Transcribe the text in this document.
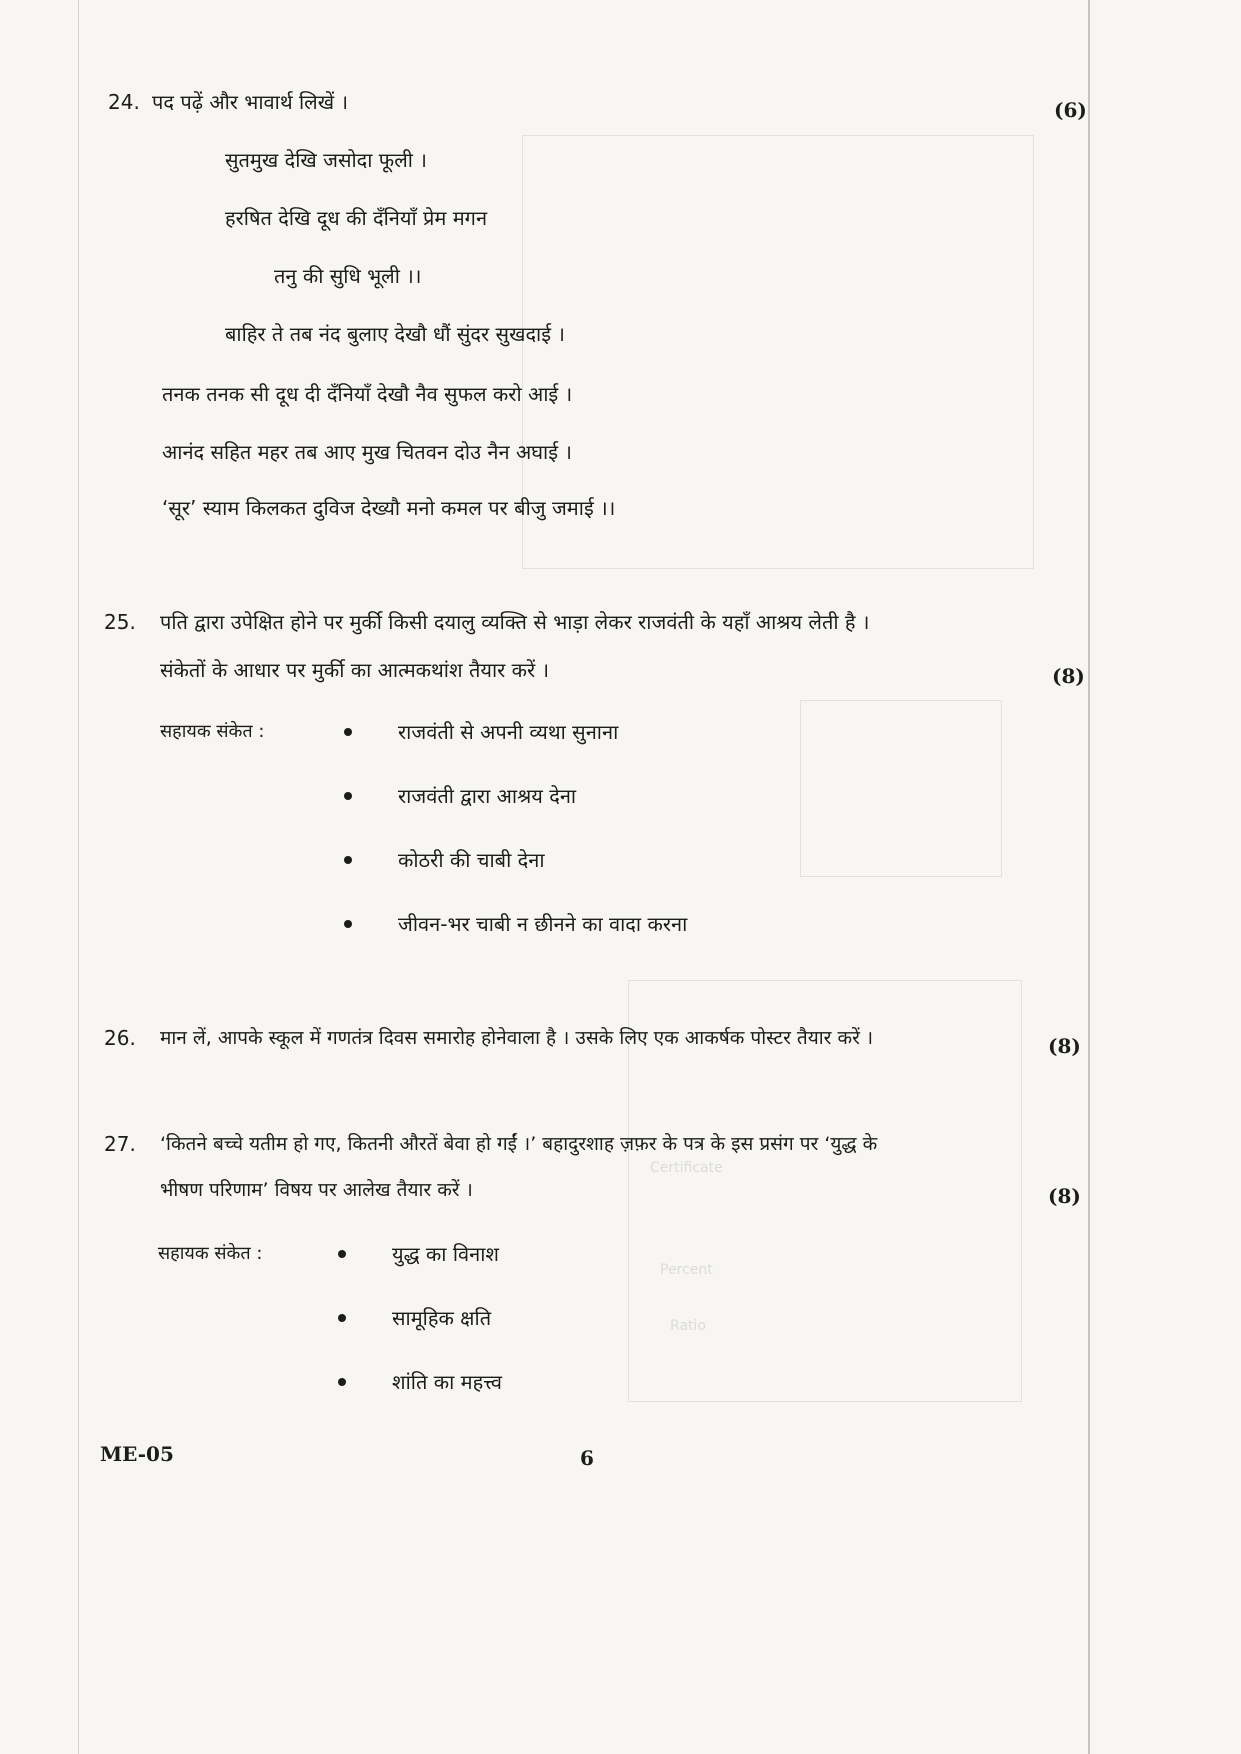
Certificate
Percent
Ratio
24. पद पढ़ें और भावार्थ लिखें ।	(6)
सुतमुख देखि जसोदा फूली ।
हरषित देखि दूध की दँनियाँ प्रेम मगन
तनु की सुधि भूली ।।
बाहिर ते तब नंद बुलाए देखौ धौं सुंदर सुखदाई ।
तनक तनक सी दूध दी दँनियाँ देखौ नैव सुफल करो आई ।
आनंद सहित महर तब आए मुख चितवन दोउ नैन अघाई ।
‘सूर’ स्याम किलकत दुविज देख्यौ मनो कमल पर बीजु जमाई ।।
25. पति द्वारा उपेक्षित होने पर मुर्की किसी दयालु व्यक्ति से भाड़ा लेकर राजवंती के यहाँ आश्रय लेती है ।
संकेतों के आधार पर मुर्की का आत्मकथांश तैयार करें ।	(8)
सहायक संकेत :	राजवंती से अपनी व्यथा सुनाना
राजवंती द्वारा आश्रय देना
कोठरी की चाबी देना
जीवन-भर चाबी न छीनने का वादा करना
26. मान लें, आपके स्कूल में गणतंत्र दिवस समारोह होनेवाला है । उसके लिए एक आकर्षक पोस्टर तैयार करें ।	(8)
27. ‘कितने बच्चे यतीम हो गए, कितनी औरतें बेवा हो गईं ।’ बहादुरशाह ज़फ़र के पत्र के इस प्रसंग पर ‘युद्ध के
भीषण परिणाम’ विषय पर आलेख तैयार करें ।	(8)
सहायक संकेत :	युद्ध का विनाश
सामूहिक क्षति
शांति का महत्त्व
ME-05	6
